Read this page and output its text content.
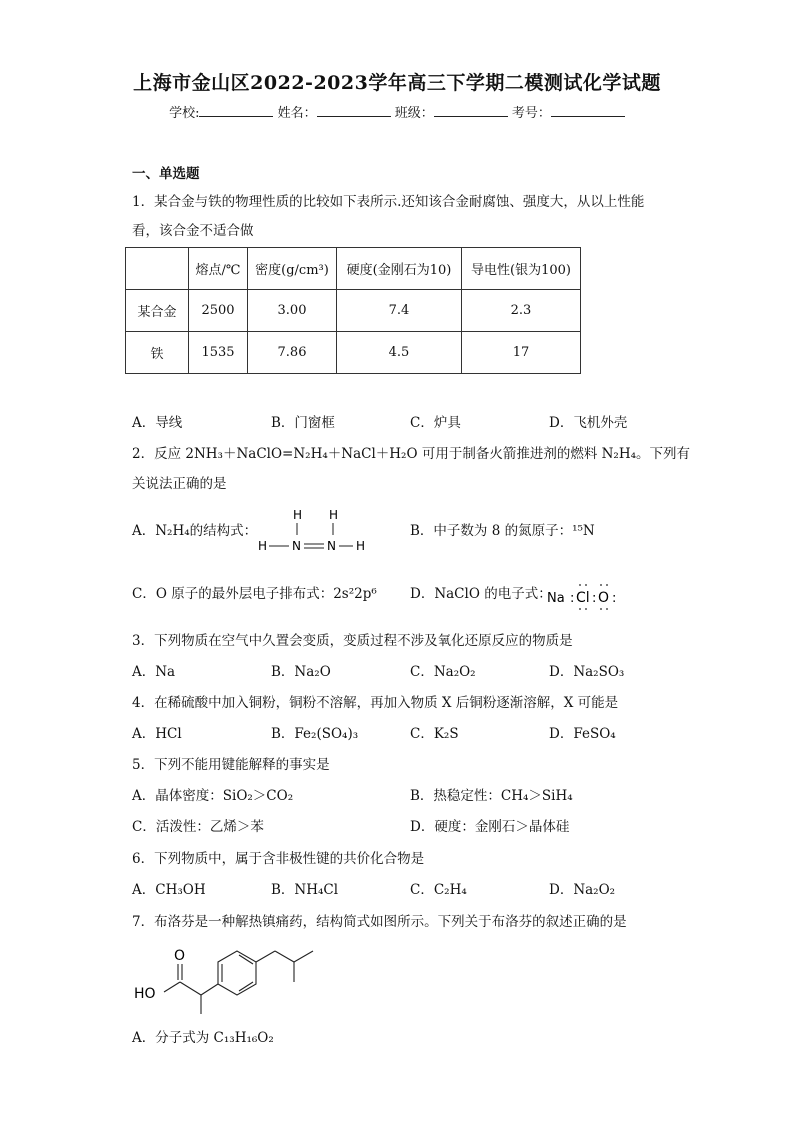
上海市金山区2022-2023学年高三下学期二模测试化学试题
学校:	姓名：	班级：	考号：
一、单选题
1．某合金与铁的物理性质的比较如下表所示.还知该合金耐腐蚀、强度大，从以上性能
看，该合金不适合做
	熔点/℃	密度(g/cm³)	硬度(金刚石为10)	导电性(银为100)
某合金	2500	3.00	7.4	2.3
铁	1535	7.86	4.5	17
A．导线	B．门窗框	C．炉具	D．飞机外壳
2．反应 2NH₃＋NaClO=N₂H₄＋NaCl＋H₂O 可用于制备火箭推进剂的燃料 N₂H₄。下列有
关说法正确的是
A．N₂H₄的结构式：
H H
H N N H
B．中子数为 8 的氮原子：¹⁵N
C．O 原子的最外层电子排布式：2s²2p⁶ D．NaClO 的电子式：
Na : Cl : O :
3．下列物质在空气中久置会变质，变质过程不涉及氧化还原反应的物质是
A．Na	B．Na₂O	C．Na₂O₂	D．Na₂SO₃
4．在稀硫酸中加入铜粉，铜粉不溶解，再加入物质 X 后铜粉逐渐溶解，X 可能是
A．HCl	B．Fe₂(SO₄)₃	C．K₂S	D．FeSO₄
5．下列不能用键能解释的事实是
A．晶体密度：SiO₂＞CO₂	B．热稳定性：CH₄＞SiH₄
C．活泼性：乙烯＞苯	D．硬度：金刚石＞晶体硅
6．下列物质中，属于含非极性键的共价化合物是
A．CH₃OH	B．NH₄Cl	C．C₂H₄	D．Na₂O₂
7．布洛芬是一种解热镇痛药，结构简式如图所示。下列关于布洛芬的叙述正确的是
O
HO
A．分子式为 C₁₃H₁₆O₂
